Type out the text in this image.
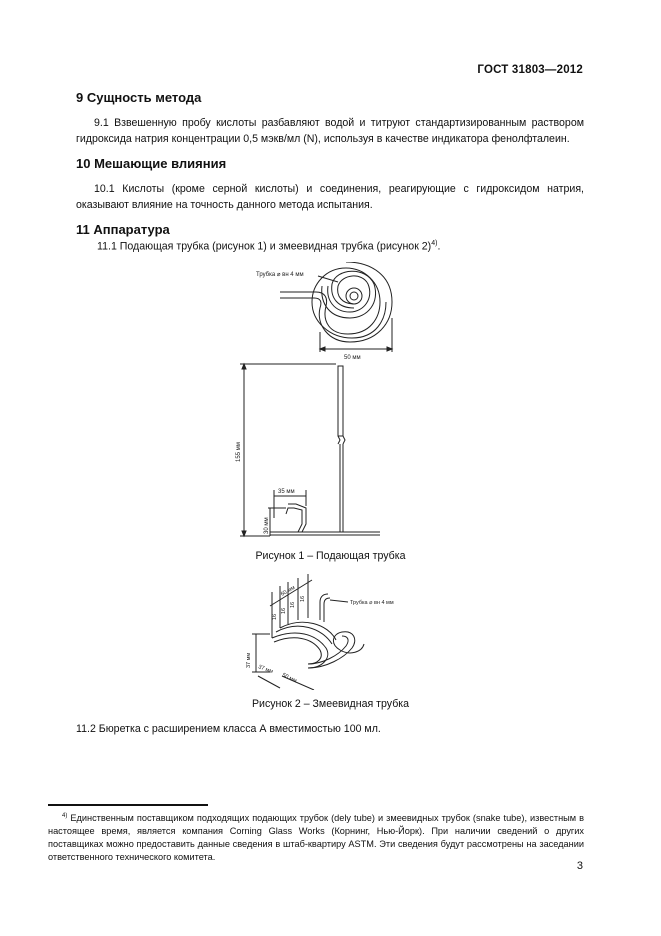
ГОСТ 31803—2012
9 Сущность метода
9.1 Взвешенную пробу кислоты разбавляют водой и титруют стандартизированным раствором гидроксида натрия концентрации 0,5 мэкв/мл (N), используя в качестве индикатора фенолфталеин.
10 Мешающие влияния
10.1 Кислоты (кроме серной кислоты) и соединения, реагирующие с гидроксидом натрия, оказывают влияние на точность данного метода испытания.
11 Аппаратура
11.1 Подающая трубка (рисунок 1) и змеевидная трубка (рисунок 2)$^{4)}$.
Трубка ⌀ вн 4 мм
50 мм
155 мм
35 мм
30 мм
Рисунок 1 – Подающая трубка
Трубка ⌀ вн 4 мм
60 мм
16
16
16
16
37 мм
37 мм
50 мм
Рисунок 2 – Змеевидная трубка
11.2 Бюретка с расширением класса А вместимостью 100 мл.
$^{4)}$ Единственным поставщиком подходящих подающих трубок (dely tube) и змеевидных трубок (snake tube), известным в настоящее время, является компания Corning Glass Works (Корнинг, Нью-Йорк). При наличии сведений о других поставщиках можно предоставить данные сведения в штаб-квартиру ASTM. Эти сведения будут рассмотрены на заседании ответственного технического комитета.
3
